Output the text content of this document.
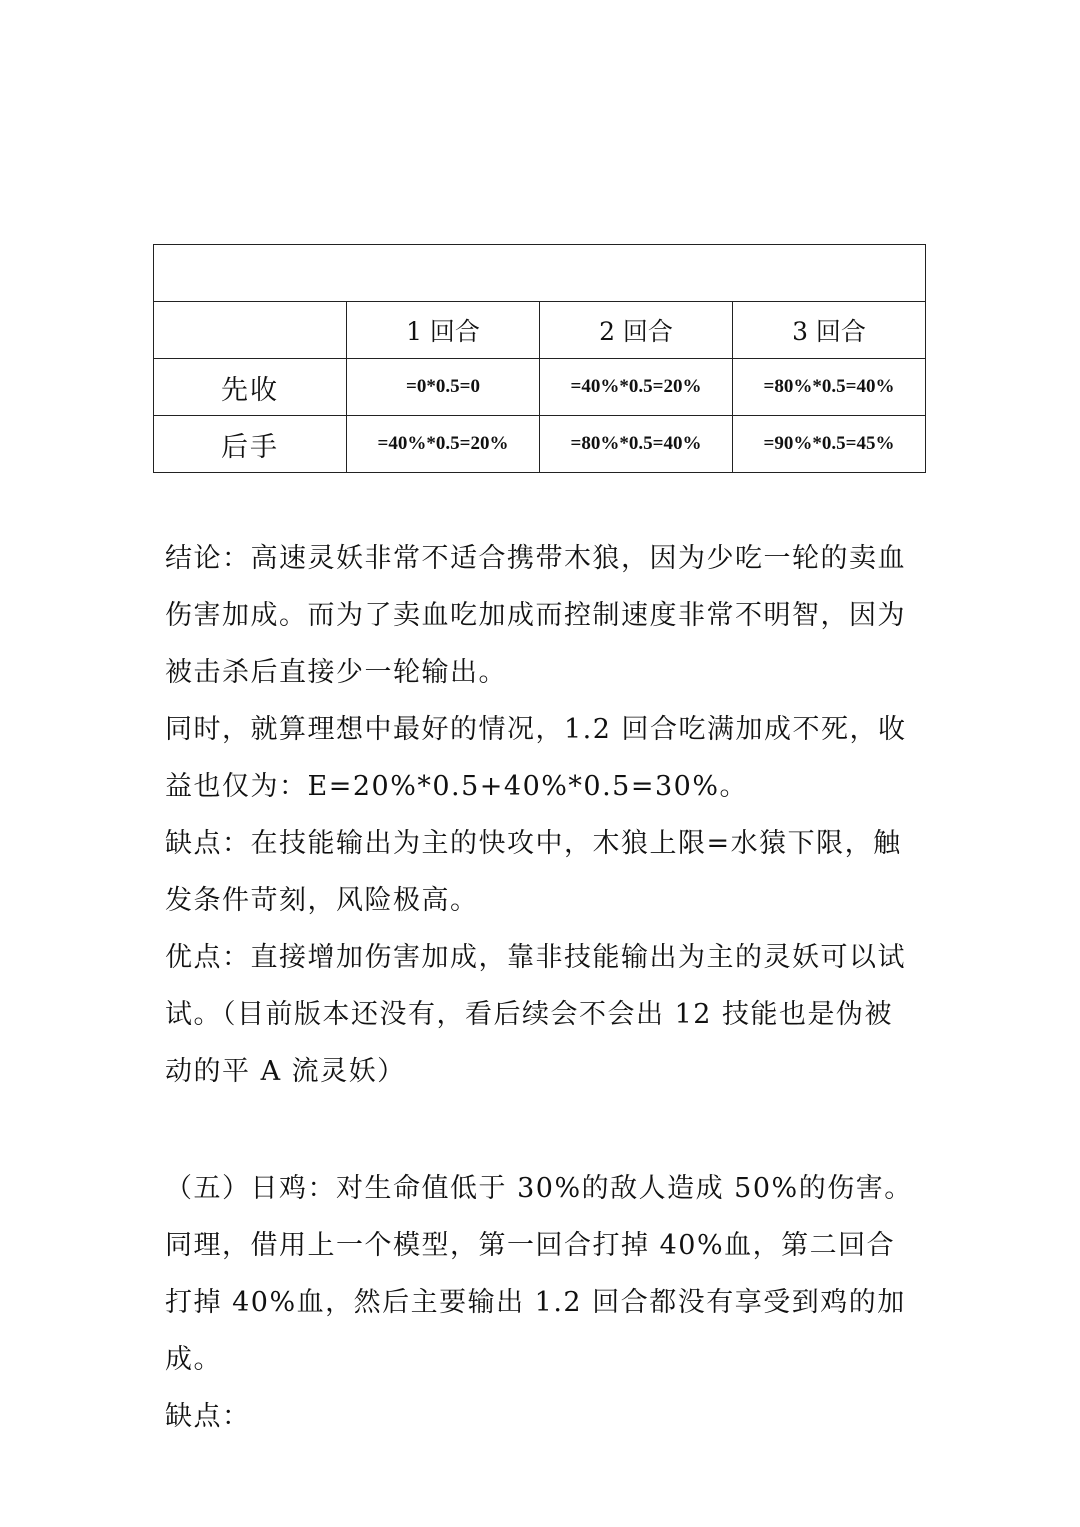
	1 回合	2 回合	3 回合
先收	=0*0.5=0	=40%*0.5=20%	=80%*0.5=40%
后手	=40%*0.5=20%	=80%*0.5=40%	=90%*0.5=45%

结论：高速灵妖非常不适合携带木狼，因为少吃一轮的卖血伤害加成。而为了卖血吃加成而控制速度非常不明智，因为被击杀后直接少一轮输出。

同时，就算理想中最好的情况，1.2 回合吃满加成不死，收益也仅为：E=20%*0.5+40%*0.5=30%。

缺点：在技能输出为主的快攻中，木狼上限=水猿下限，触发条件苛刻，风险极高。

优点：直接增加伤害加成，靠非技能输出为主的灵妖可以试试。（目前版本还没有，看后续会不会出 12 技能也是伪被动的平 A 流灵妖）

（五）日鸡：对生命值低于 30%的敌人造成 50%的伤害。

同理，借用上一个模型，第一回合打掉 40%血，第二回合打掉 40%血，然后主要输出 1.2 回合都没有享受到鸡的加成。

缺点：
